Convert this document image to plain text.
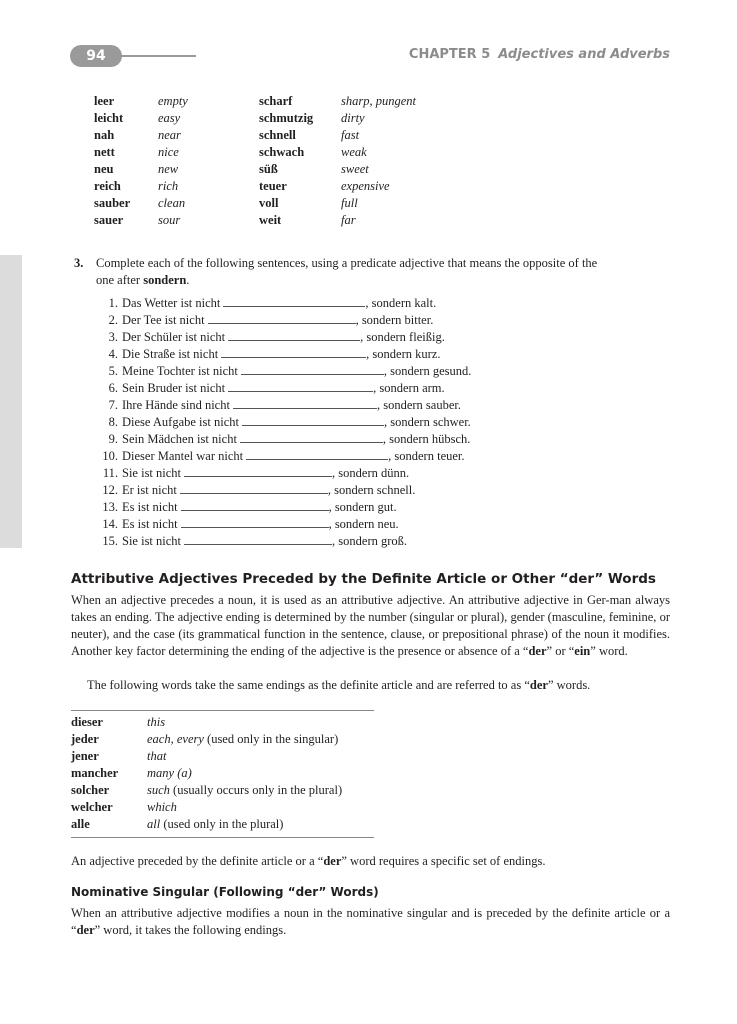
94	CHAPTER 5 Adjectives and Adverbs
leer	empty
leicht	easy
nah	near
nett	nice
neu	new
reich	rich
sauber clean
sauer	sour
scharf	sharp, pungent
schmutzig dirty
schnell	fast
schwach	weak
süß	sweet
teuer	expensive
voll	full
weit	far
3. Complete each of the following sentences, using a predicate adjective that means the opposite of the
one after sondern.
1. Das Wetter ist nicht	, sondern kalt.
2. Der Tee ist nicht	, sondern bitter.
3. Der Schüler ist nicht	, sondern fleißig.
4. Die Straße ist nicht	, sondern kurz.
5. Meine Tochter ist nicht	, sondern gesund.
6. Sein Bruder ist nicht	, sondern arm.
7. Ihre Hände sind nicht	, sondern sauber.
8. Diese Aufgabe ist nicht	, sondern schwer.
9. Sein Mädchen ist nicht	, sondern hübsch.
10. Dieser Mantel war nicht	, sondern teuer.
11. Sie ist nicht	, sondern dünn.
12. Er ist nicht	, sondern schnell.
13. Es ist nicht	, sondern gut.
14. Es ist nicht	, sondern neu.
15. Sie ist nicht	, sondern groß.
Attributive Adjectives Preceded by the Definite Article or Other “der” Words
When an adjective precedes a noun, it is used as an attributive adjective. An attributive adjective in Ger-man always takes an ending. The adjective ending is determined by the number (singular or plural), gender (masculine, feminine, or neuter), and the case (its grammatical function in the sentence, clause, or prepositional phrase) of the noun it modifies. Another key factor determining the ending of the adjective is the presence or absence of a “der” or “ein” word.
The following words take the same endings as the definite article and are referred to as “der” words.
dieser	this
jeder	each, every (used only in the singular)
jener	that
mancher many (a)
solcher	such (usually occurs only in the plural)
welcher	which
alle	all (used only in the plural)
An adjective preceded by the definite article or a “der” word requires a specific set of endings.
Nominative Singular (Following “der” Words)
When an attributive adjective modifies a noun in the nominative singular and is preceded by the definite article or a “der” word, it takes the following endings.
